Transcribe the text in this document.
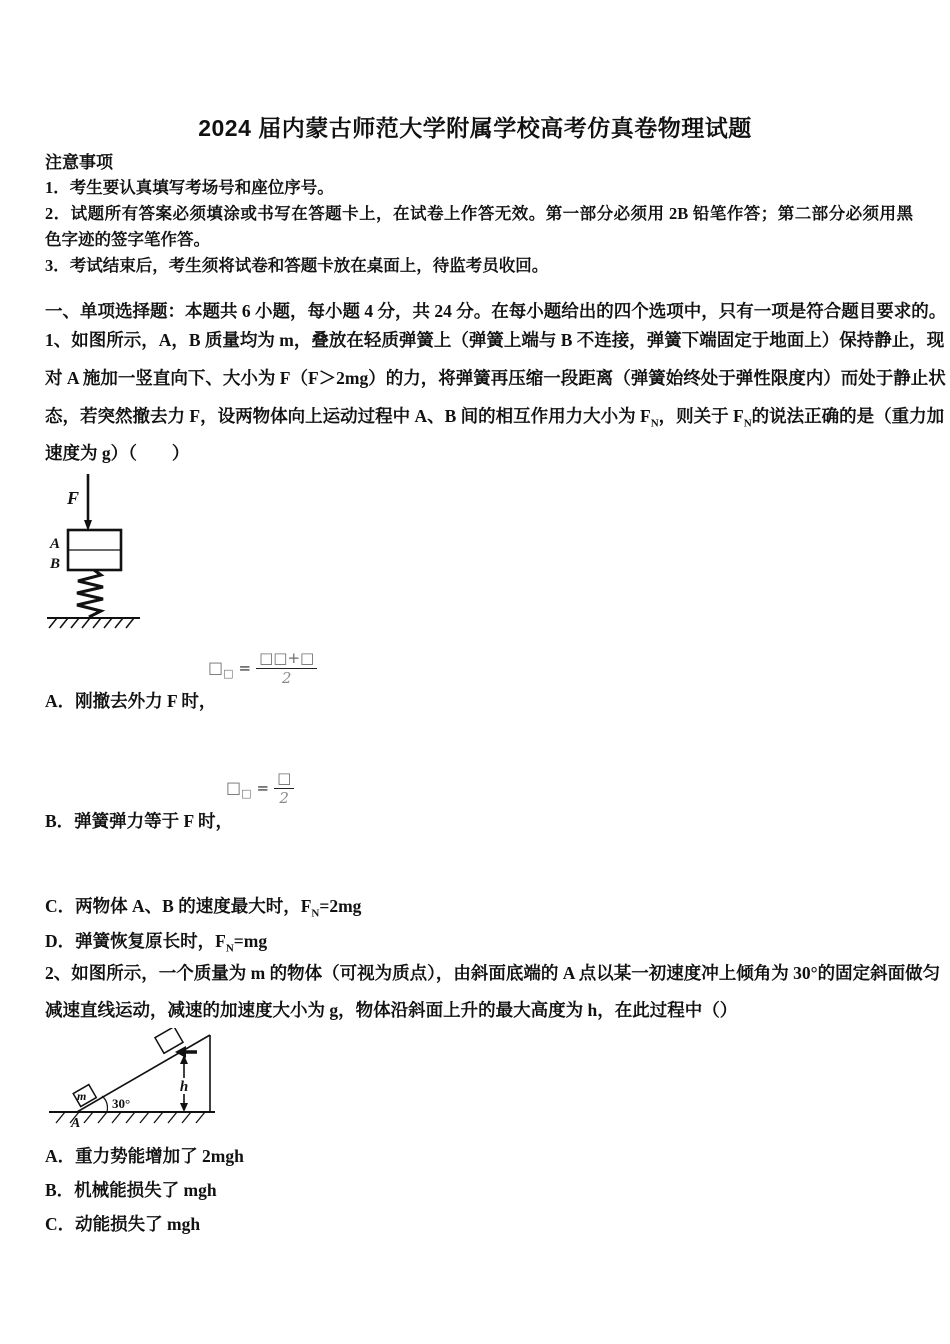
2024 届内蒙古师范大学附属学校高考仿真卷物理试题
注意事项
1．考生要认真填写考场号和座位序号。
2．试题所有答案必须填涂或书写在答题卡上，在试卷上作答无效。第一部分必须用 2B 铅笔作答；第二部分必须用黑
色字迹的签字笔作答。
3．考试结束后，考生须将试卷和答题卡放在桌面上，待监考员收回。
一、单项选择题：本题共 6 小题，每小题 4 分，共 24 分。在每小题给出的四个选项中，只有一项是符合题目要求的。
1、如图所示，A，B 质量均为 m，叠放在轻质弹簧上（弹簧上端与 B 不连接，弹簧下端固定于地面上）保持静止，现
对 A 施加一竖直向下、大小为 F（F＞2mg）的力，将弹簧再压缩一段距离（弹簧始终处于弹性限度内）而处于静止状
态，若突然撤去力 F，设两物体向上运动过程中 A、B 间的相互作用力大小为 $F_N$，则关于 $F_N$的说法正确的是（重力加
速度为 g）（　　）
F
A
B
$□_□ = \frac{□□+□}{2}$
A．刚撤去外力 F 时，
$□_□ = \frac{□}{2}$
B．弹簧弹力等于 F 时，
C．两物体 A、B 的速度最大时，$F_N=2mg$
D．弹簧恢复原长时，$F_N=mg$
2、如图所示，一个质量为 m 的物体（可视为质点），由斜面底端的 A 点以某一初速度冲上倾角为 30°的固定斜面做匀
减速直线运动，减速的加速度大小为 g，物体沿斜面上升的最大高度为 h，在此过程中（）
30°
m
h
A
A．重力势能增加了 2mgh
B．机械能损失了 mgh
C．动能损失了 mgh
